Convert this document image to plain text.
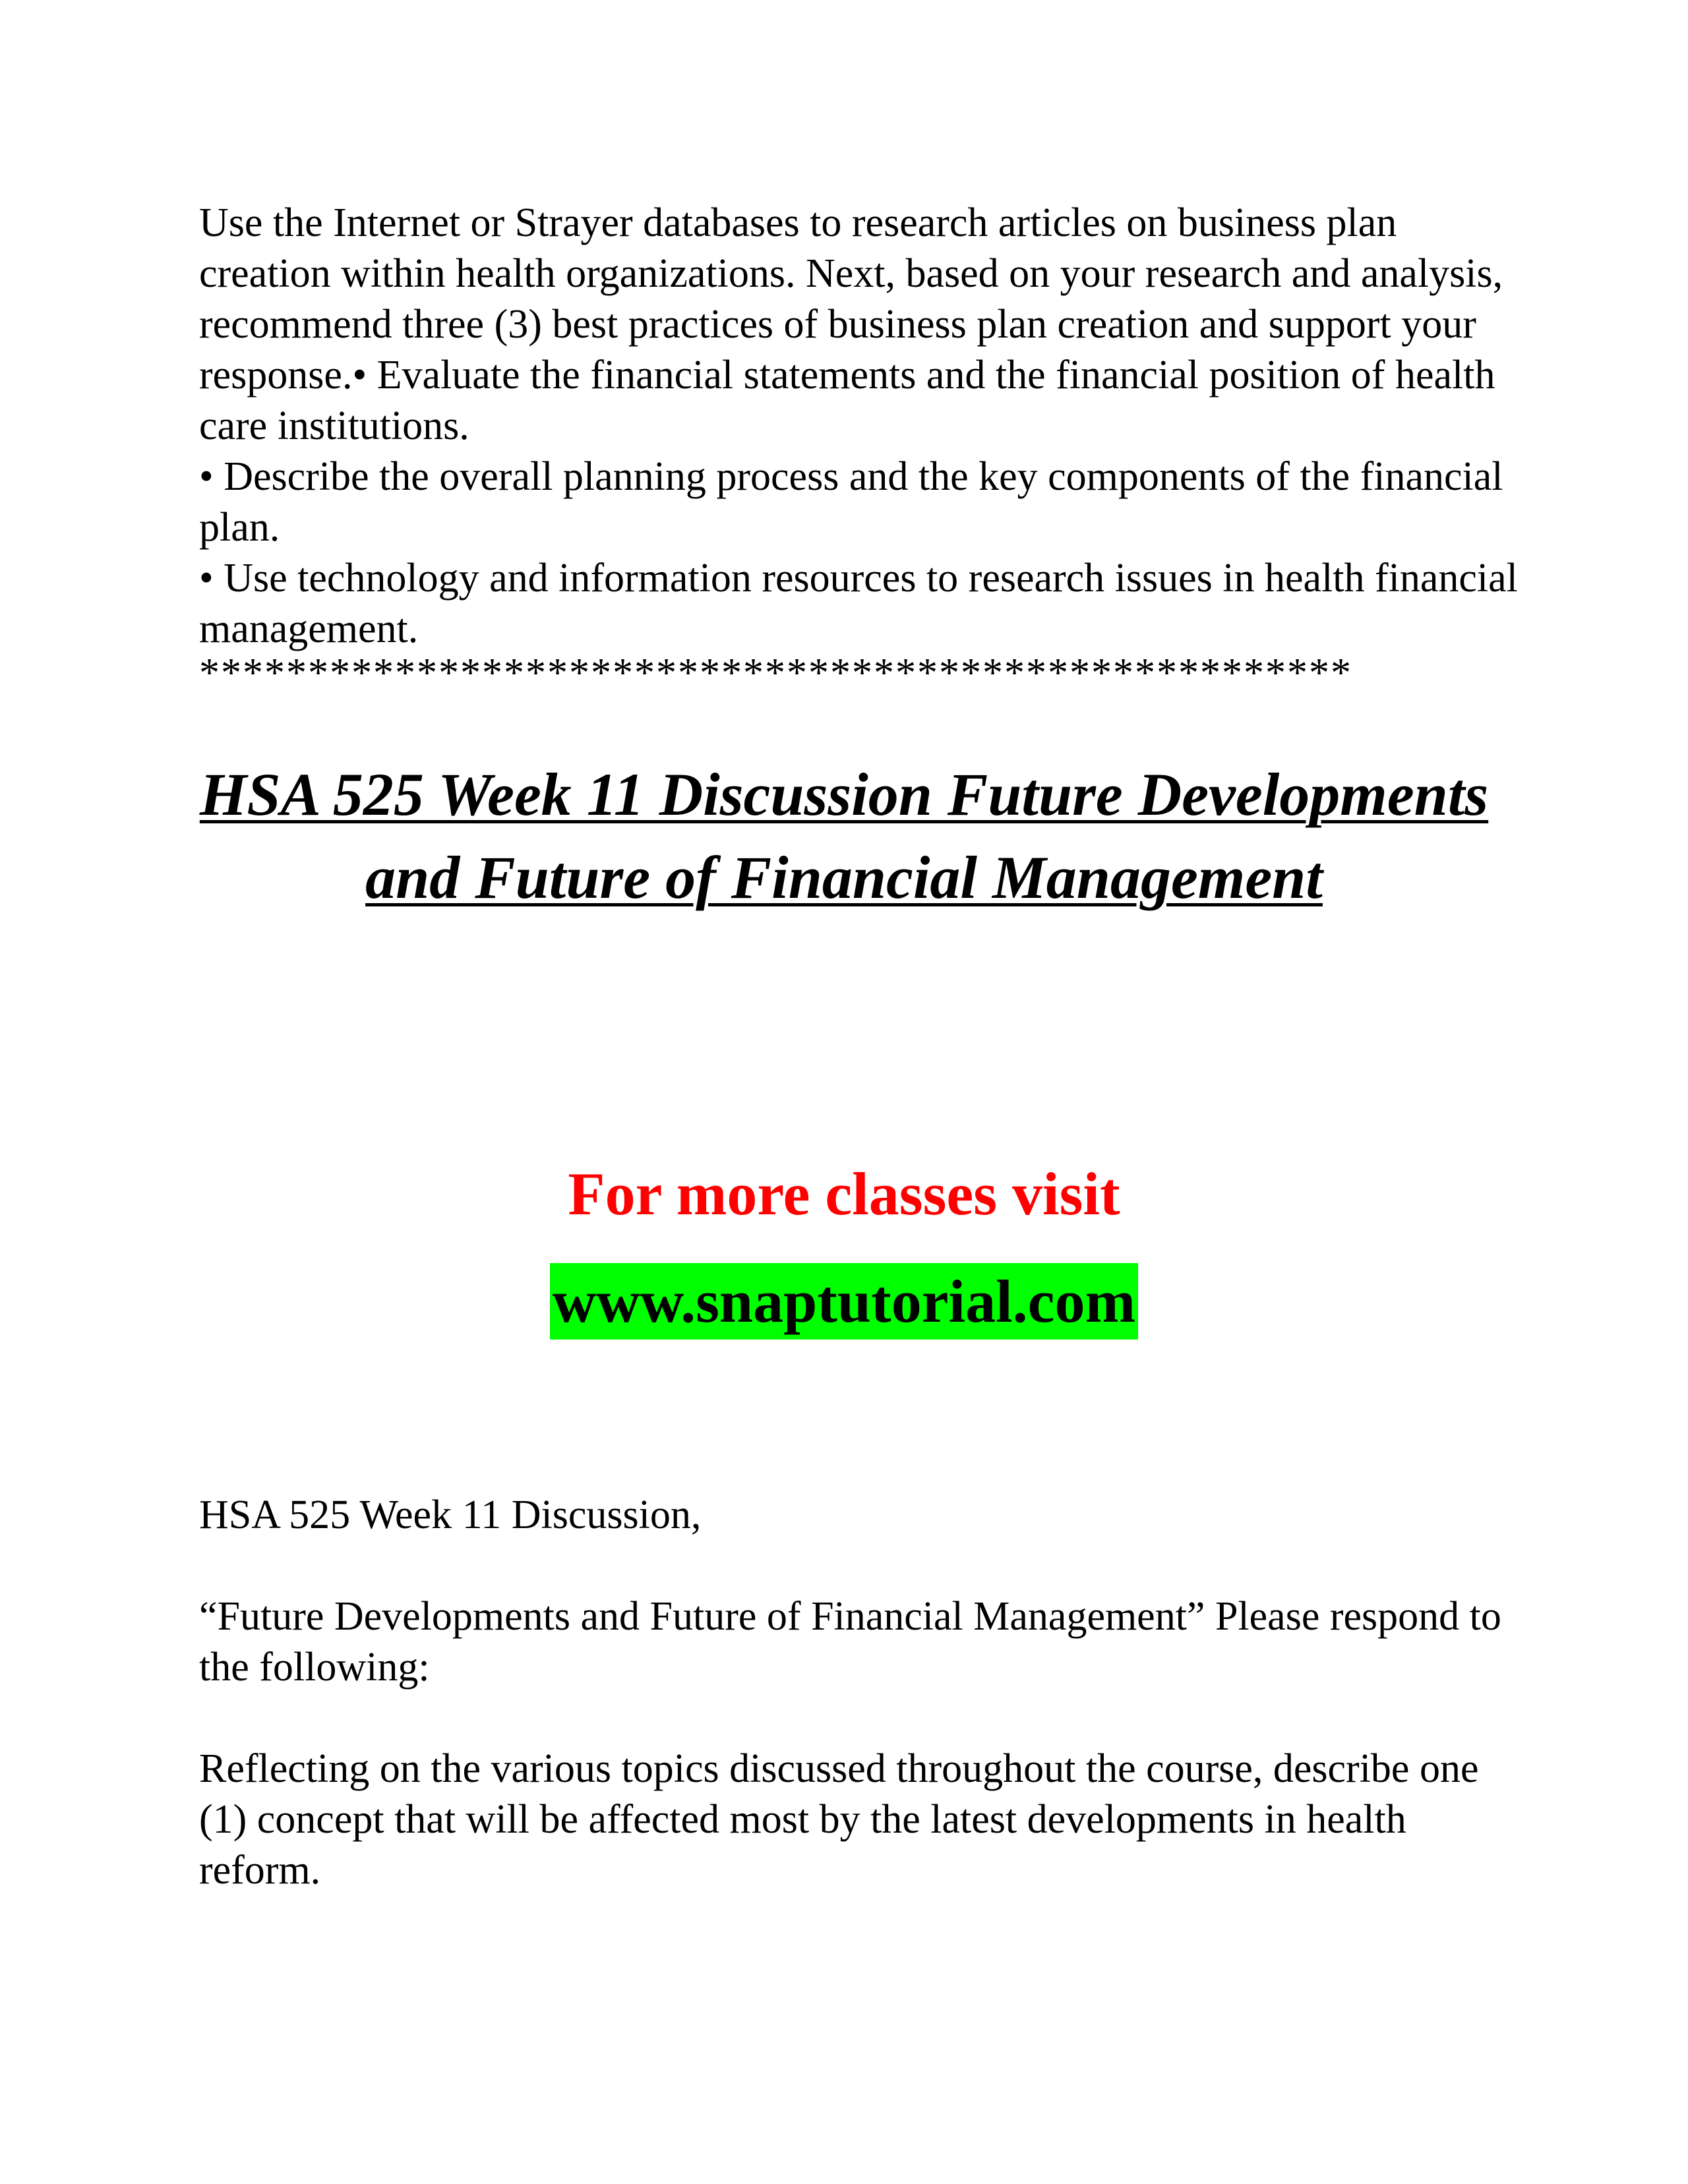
Use the Internet or Strayer databases to research articles on business plan creation within health organizations. Next, based on your research and analysis, recommend three (3) best practices of business plan creation and support your response.• Evaluate the financial statements and the financial position of health care institutions.

• Describe the overall planning process and the key components of the financial plan.

• Use technology and information resources to research issues in health financial management.

*****************************************************

HSA 525 Week 11 Discussion Future Developments and Future of Financial Management

For more classes visit

www.snaptutorial.com

HSA 525 Week 11 Discussion,

“Future Developments and Future of Financial Management” Please respond to the following:

Reflecting on the various topics discussed throughout the course, describe one (1) concept that will be affected most by the latest developments in health reform.
